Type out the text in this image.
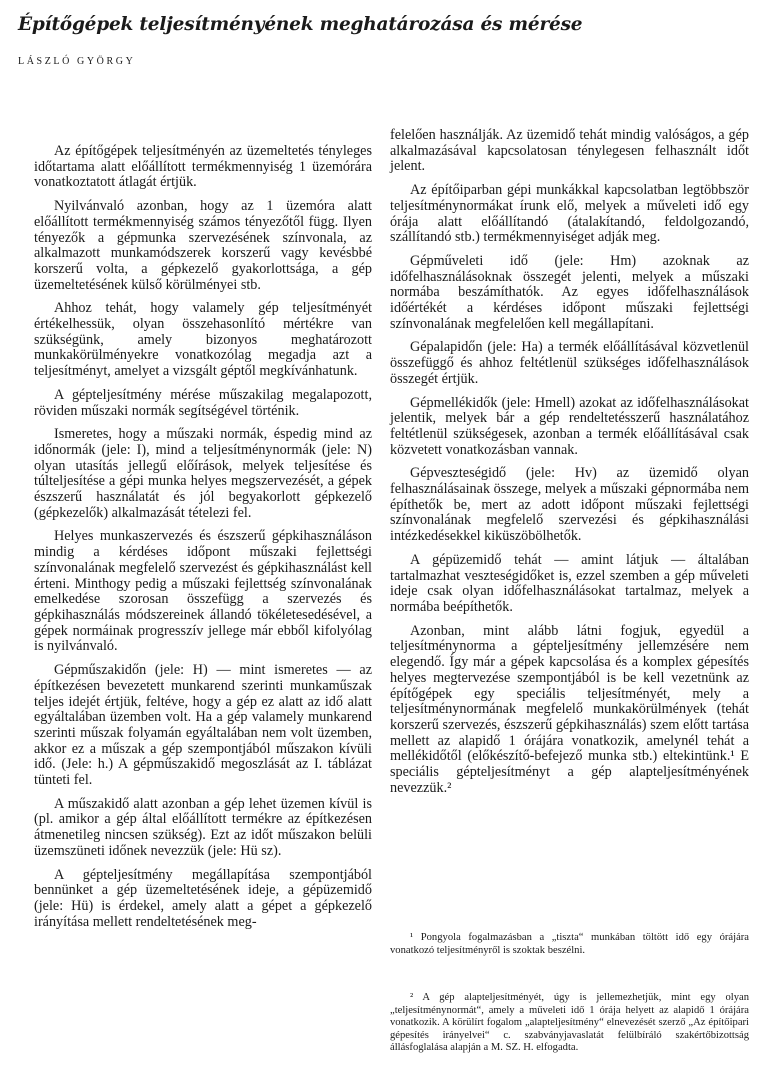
Építőgépek teljesítményének meghatározása és mérése
LÁSZLÓ GYÖRGY

Az építőgépek teljesítményén az üzemeltetés tényleges időtartama alatt előállított termékmennyiség 1 üzemórára vonatkoztatott átlagát értjük.

Nyilvánvaló azonban, hogy az 1 üzemóra alatt előállított termékmennyiség számos tényezőtől függ. Ilyen tényezők a gépmunka szervezésének színvonala, az alkalmazott munkamódszerek korszerű vagy kevésbbé korszerű volta, a gépkezelő gyakorlottsága, a gép üzemeltetésének külső körülményei stb.

Ahhoz tehát, hogy valamely gép teljesítményét értékelhessük, olyan összehasonlító mértékre van szükségünk, amely bizonyos meghatározott munkakörülményekre vonatkozólag megadja azt a teljesítményt, amelyet a vizsgált géptől megkívánhatunk.

A gépteljesítmény mérése műszakilag megalapozott, röviden műszaki normák segítségével történik.

Ismeretes, hogy a műszaki normák, éspedig mind az időnormák (jele: I), mind a teljesítménynormák (jele: N) olyan utasítás jellegű előírások, melyek teljesítése és túlteljesítése a gépi munka helyes megszervezését, a gépek észszerű használatát és jól begyakorlott gépkezelő (gépkezelők) alkalmazását tételezi fel.

Helyes munkaszervezés és észszerű gépkihasználáson mindig a kérdéses időpont műszaki fejlettségi színvonalának megfelelő szervezést és gépkihasználást kell érteni. Minthogy pedig a műszaki fejlettség színvonalának emelkedése szorosan összefügg a szervezés és gépkihasználás módszereinek állandó tökéletesedésével, a gépek normáinak progresszív jellege már ebből kifolyólag is nyilvánvaló.

Gépműszakidőn (jele: H) — mint ismeretes — az építkezésen bevezetett munkarend szerinti munkaműszak teljes idejét értjük, feltéve, hogy a gép ez alatt az idő alatt egyáltalában üzemben volt. Ha a gép valamely munkarend szerinti műszak folyamán egyáltalában nem volt üzemben, akkor ez a műszak a gép szempontjából műszakon kívüli idő. (Jele: h.) A gépműszakidő megoszlását az I. táblázat tünteti fel.

A műszakidő alatt azonban a gép lehet üzemen kívül is (pl. amikor a gép által előállított termékre az építkezésen átmenetileg nincsen szükség). Ezt az időt műszakon belüli üzemszüneti időnek nevezzük (jele: Hü sz).

A gépteljesítmény megállapítása szempontjából bennünket a gép üzemeltetésének ideje, a gépüzemidő (jele: Hü) is érdekel, amely alatt a gépet a gépkezelő irányítása mellett rendeltetésének meg-

felelően használják. Az üzemidő tehát mindig valóságos, a gép alkalmazásával kapcsolatosan ténylegesen felhasznált időt jelent.

Az építőiparban gépi munkákkal kapcsolatban legtöbbször teljesítménynormákat írunk elő, melyek a műveleti idő egy órája alatt előállítandó (átalakítandó, feldolgozandó, szállítandó stb.) termékmennyiséget adják meg.

Gépműveleti idő (jele: Hm) azoknak az időfelhasználásoknak összegét jelenti, melyek a műszaki normába beszámíthatók. Az egyes időfelhasználások időértékét a kérdéses időpont műszaki fejlettségi színvonalának megfelelően kell megállapítani.

Gépalapidőn (jele: Ha) a termék előállításával közvetlenül összefüggő és ahhoz feltétlenül szükséges időfelhasználások összegét értjük.

Gépmellékidők (jele: Hmell) azokat az időfelhasználásokat jelentik, melyek bár a gép rendeltetésszerű használatához feltétlenül szükségesek, azonban a termék előállításával csak közvetett vonatkozásban vannak.

Gépveszteségidő (jele: Hv) az üzemidő olyan felhasználásainak összege, melyek a műszaki gépnormába nem építhetők be, mert az adott időpont műszaki fejlettségi színvonalának megfelelő szervezési és gépkihasználási intézkedésekkel kiküszöbölhetők.

A gépüzemidő tehát — amint látjuk — általában tartalmazhat veszteségidőket is, ezzel szemben a gép műveleti ideje csak olyan időfelhasználásokat tartalmaz, melyek a normába beépíthetők.

Azonban, mint alább látni fogjuk, egyedül a teljesítménynorma a gépteljesítmény jellemzésére nem elegendő. Így már a gépek kapcsolása és a komplex gépesítés helyes megtervezése szempontjából is be kell vezetnünk az építőgépek egy speciális teljesítményét, mely a teljesítménynormának megfelelő munkakörülmények (tehát korszerű szervezés, észszerű gépkihasználás) szem előtt tartása mellett az alapidő 1 órájára vonatkozik, amelynél tehát a mellékidőtől (előkészítő-befejező munka stb.) eltekintünk.¹ E speciális gépteljesítményt a gép alapteljesítményének nevezzük.²

¹ Pongyola fogalmazásban a „tiszta“ munkában töltött idő egy órájára vonatkozó teljesítményről is szoktak beszélni.

² A gép alapteljesítményét, úgy is jellemezhetjük, mint egy olyan „teljesítménynormát“, amely a műveleti idő 1 órája helyett az alapidő 1 órájára vonatkozik. A körülírt fogalom „alapteljesítmény“ elnevezését szerző „Az építőipari gépesítés irányelvei“ c. szabványjavaslatát felülbíráló szakértőbizottság állásfoglalása alapján a M. SZ. H. elfogadta.
